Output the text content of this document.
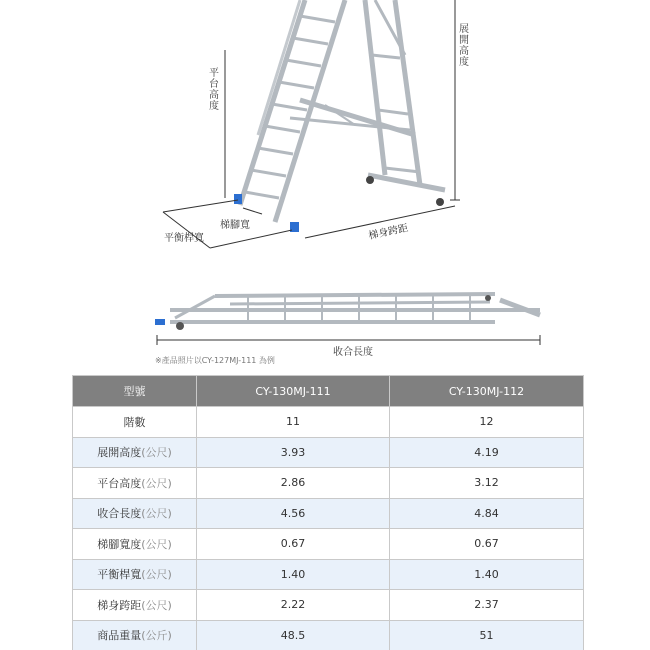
展開高度
平台高度
梯腳寬
平衡桿寬	梯身跨距
收合長度
※產品照片以CY-127MJ-111 為例
型號	CY-130MJ-111	CY-130MJ-112
階數	11	12
展開高度(公尺)	3.93	4.19
平台高度(公尺)	2.86	3.12
收合長度(公尺)	4.56	4.84
梯腳寬度(公尺)	0.67	0.67
平衡桿寬(公尺)	1.40	1.40
梯身跨距(公尺)	2.22	2.37
商品重量(公斤)	48.5	51
